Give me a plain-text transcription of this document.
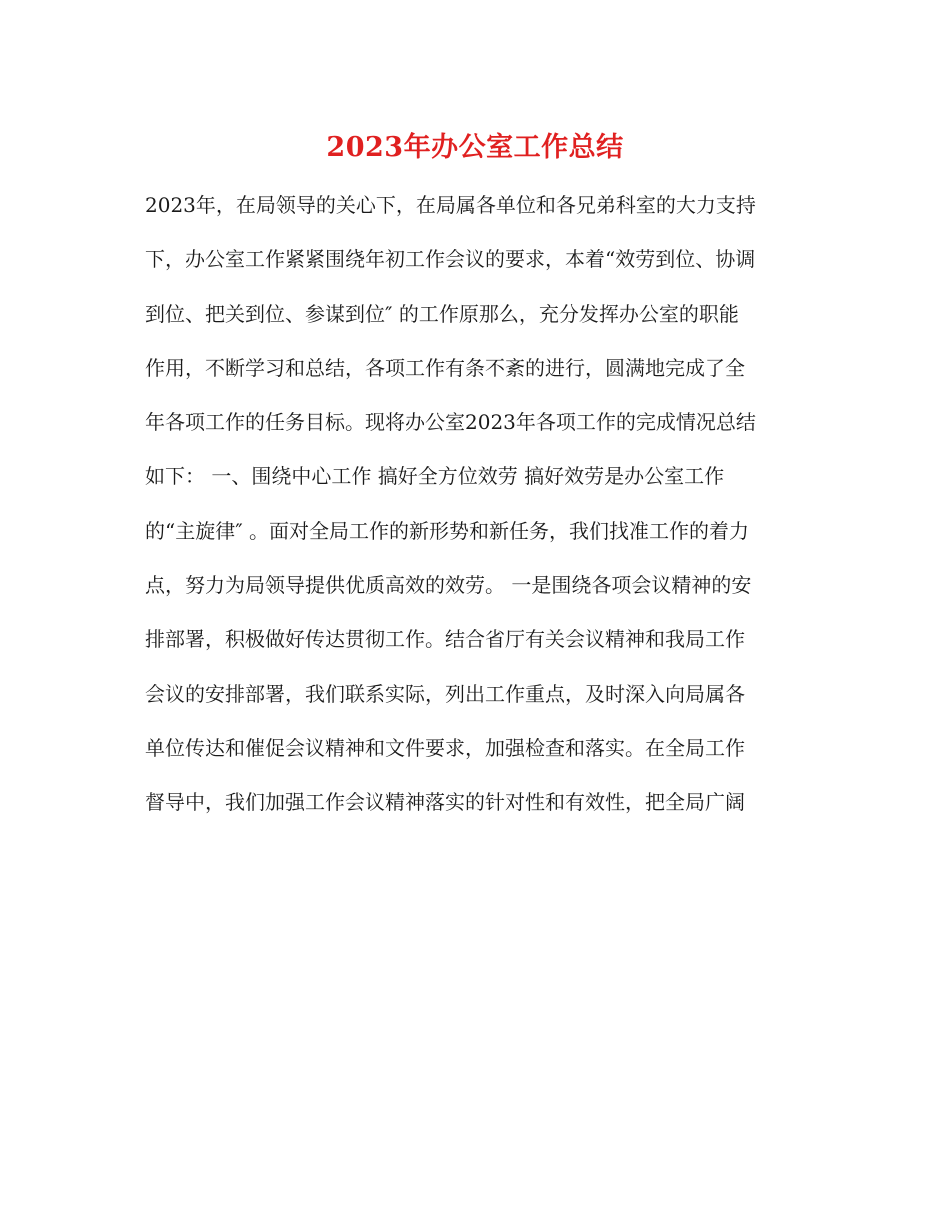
2023年办公室工作总结
2023年，在局领导的关心下，在局属各单位和各兄弟科室的大力支持
下，办公室工作紧紧围绕年初工作会议的要求，本着“效劳到位、协调
到位、把关到位、参谋到位″ 的工作原那么，充分发挥办公室的职能
作用，不断学习和总结，各项工作有条不紊的进行，圆满地完成了全
年各项工作的任务目标。现将办公室2023年各项工作的完成情况总结
如下： 一、围绕中心工作 搞好全方位效劳 搞好效劳是办公室工作
的“主旋律″ 。面对全局工作的新形势和新任务，我们找准工作的着力
点，努力为局领导提供优质高效的效劳。 一是围绕各项会议精神的安
排部署，积极做好传达贯彻工作。结合省厅有关会议精神和我局工作
会议的安排部署，我们联系实际，列出工作重点，及时深入向局属各
单位传达和催促会议精神和文件要求，加强检查和落实。在全局工作
督导中，我们加强工作会议精神落实的针对性和有效性，把全局广阔
